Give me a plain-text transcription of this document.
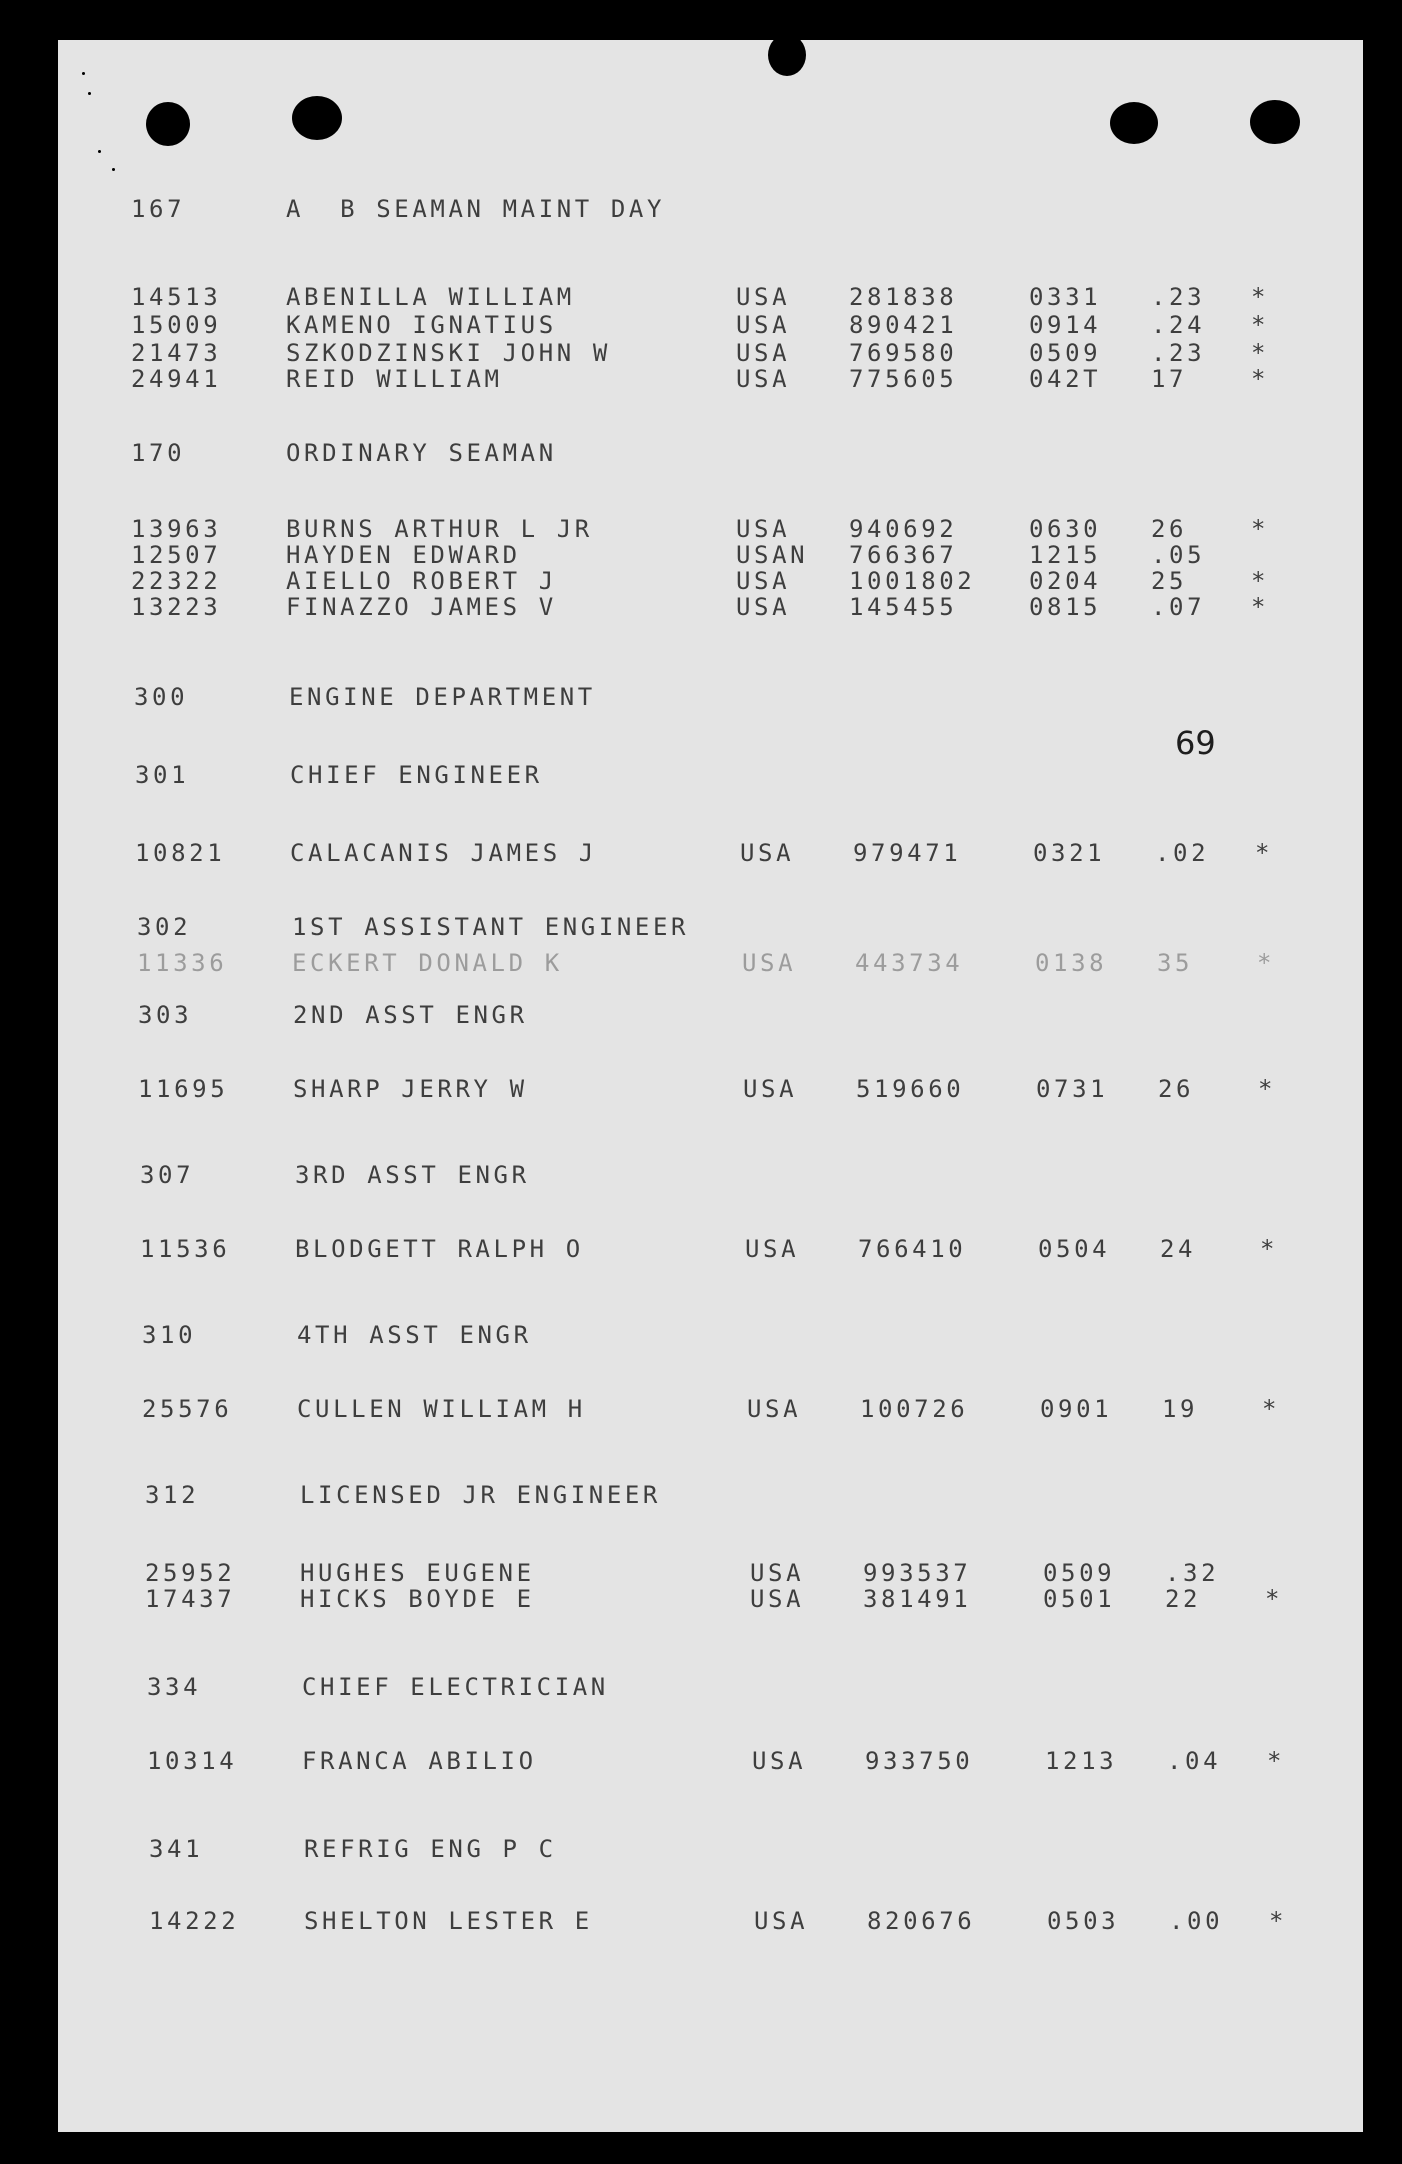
69
167	A  B SEAMAN MAINT DAY
14513	ABENILLA WILLIAM	USA 281838	0331 .23 *
15009	KAMENO IGNATIUS	USA 890421	0914 .24 *
21473	SZKODZINSKI JOHN W	USA 769580	0509 .23 *
24941	REID WILLIAM	USA 775605	042T 17	*
170	ORDINARY SEAMAN
13963	BURNS ARTHUR L JR	USA 940692	0630 26	*
12507	HAYDEN EDWARD	USAN 766367	1215 .05
22322	AIELLO ROBERT J	USA 1001802 0204 25	*
13223	FINAZZO JAMES V	USA 145455	0815 .07 *
300	ENGINE DEPARTMENT
301	CHIEF ENGINEER
10821	CALACANIS JAMES J	USA 979471	0321 .02 *
302	1ST ASSISTANT ENGINEER
11336	ECKERT DONALD K	USA 443734	0138 35	*
303	2ND ASST ENGR
11695	SHARP JERRY W	USA 519660	0731 26	*
307	3RD ASST ENGR
11536	BLODGETT RALPH O	USA 766410	0504 24	*
310	4TH ASST ENGR
25576	CULLEN WILLIAM H	USA 100726	0901 19	*
312	LICENSED JR ENGINEER
25952	HUGHES EUGENE	USA 993537	0509 .32
17437	HICKS BOYDE E	USA 381491	0501 22	*
334	CHIEF ELECTRICIAN
10314	FRANCA ABILIO	USA 933750	1213 .04 *
341	REFRIG ENG P C
14222	SHELTON LESTER E	USA 820676	0503 .00 *
